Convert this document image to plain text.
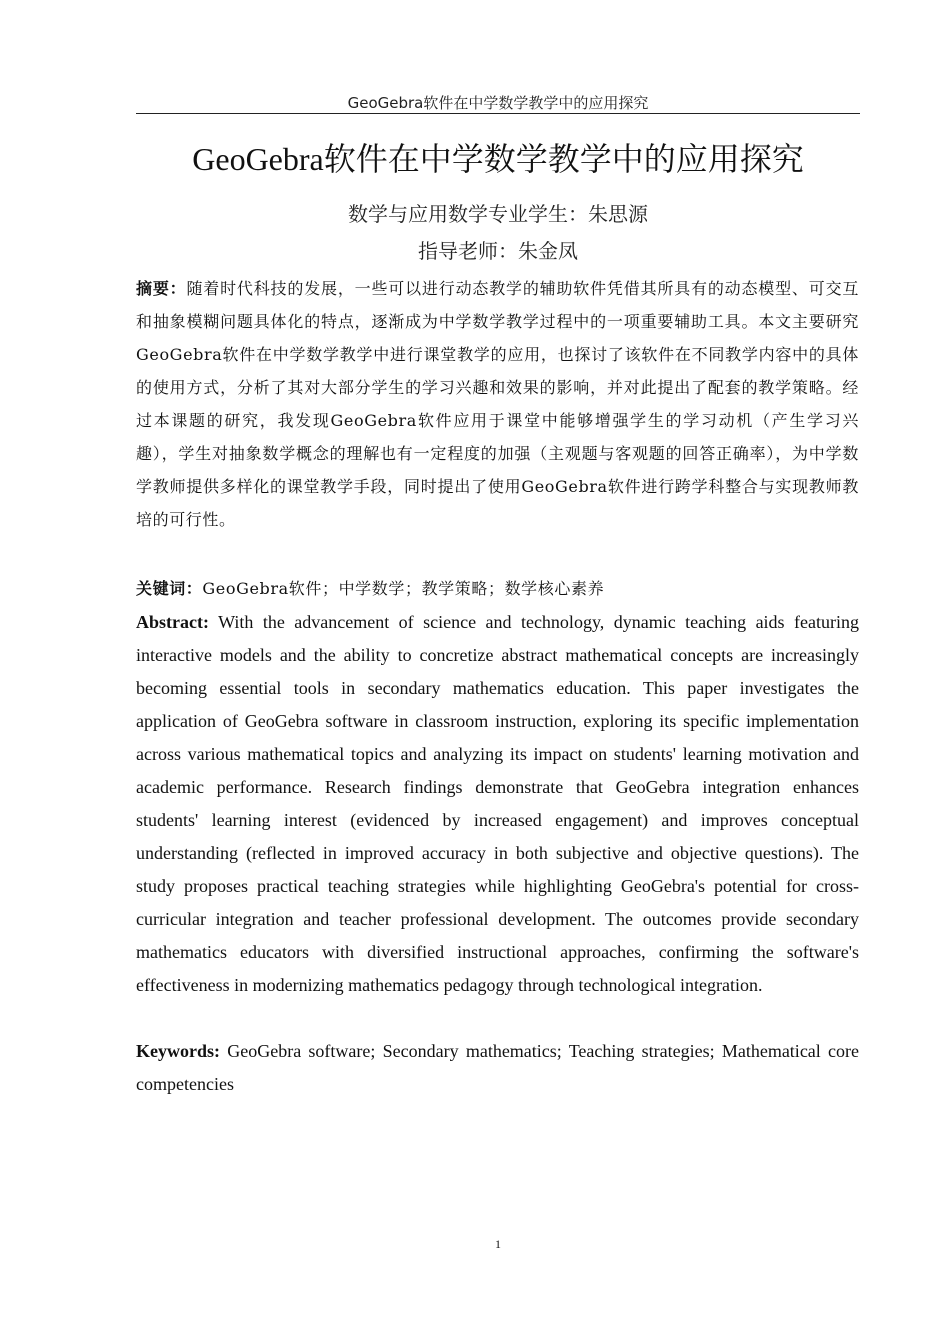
GeoGebra软件在中学数学教学中的应用探究
GeoGebra软件在中学数学教学中的应用探究
数学与应用数学专业学生：朱思源
指导老师：朱金凤

摘要：随着时代科技的发展，一些可以进行动态教学的辅助软件凭借其所具有的动态模型、可交互和抽象模糊问题具体化的特点，逐渐成为中学数学教学过程中的一项重要辅助工具。本文主要研究GeoGebra软件在中学数学教学中进行课堂教学的应用，也探讨了该软件在不同教学内容中的具体的使用方式，分析了其对大部分学生的学习兴趣和效果的影响，并对此提出了配套的教学策略。经过本课题的研究，我发现GeoGebra软件应用于课堂中能够增强学生的学习动机（产生学习兴趣），学生对抽象数学概念的理解也有一定程度的加强（主观题与客观题的回答正确率），为中学数学教师提供多样化的课堂教学手段，同时提出了使用GeoGebra软件进行跨学科整合与实现教师教培的可行性。

关键词：GeoGebra软件；中学数学；教学策略；数学核心素养

Abstract: With the advancement of science and technology, dynamic teaching aids featuring interactive models and the ability to concretize abstract mathematical concepts are increasingly becoming essential tools in secondary mathematics education. This paper investigates the application of GeoGebra software in classroom instruction, exploring its specific implementation across various mathematical topics and analyzing its impact on students' learning motivation and academic performance. Research findings demonstrate that GeoGebra integration enhances students' learning interest (evidenced by increased engagement) and improves conceptual understanding (reflected in improved accuracy in both subjective and objective questions). The study proposes practical teaching strategies while highlighting GeoGebra's potential for cross-curricular integration and teacher professional development. The outcomes provide secondary mathematics educators with diversified instructional approaches, confirming the software's effectiveness in modernizing mathematics pedagogy through technological integration.

Keywords: GeoGebra software; Secondary mathematics; Teaching strategies; Mathematical core competencies

1
